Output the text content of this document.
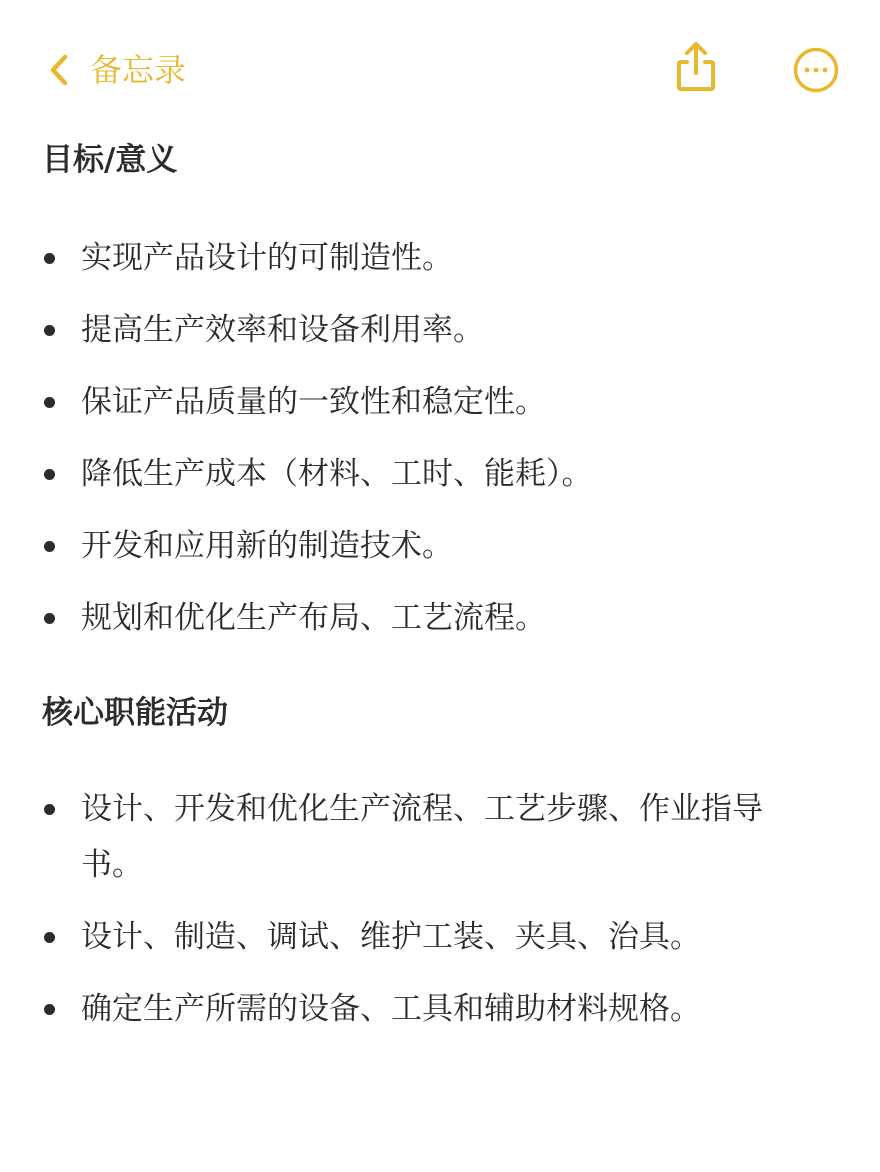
备忘录
目标/意义
实现产品设计的可制造性。
提高生产效率和设备利用率。
保证产品质量的一致性和稳定性。
降低生产成本（材料、工时、能耗）。
开发和应用新的制造技术。
规划和优化生产布局、工艺流程。
核心职能活动
设计、开发和优化生产流程、工艺步骤、作业指导书。
设计、制造、调试、维护工装、夹具、治具。
确定生产所需的设备、工具和辅助材料规格。
